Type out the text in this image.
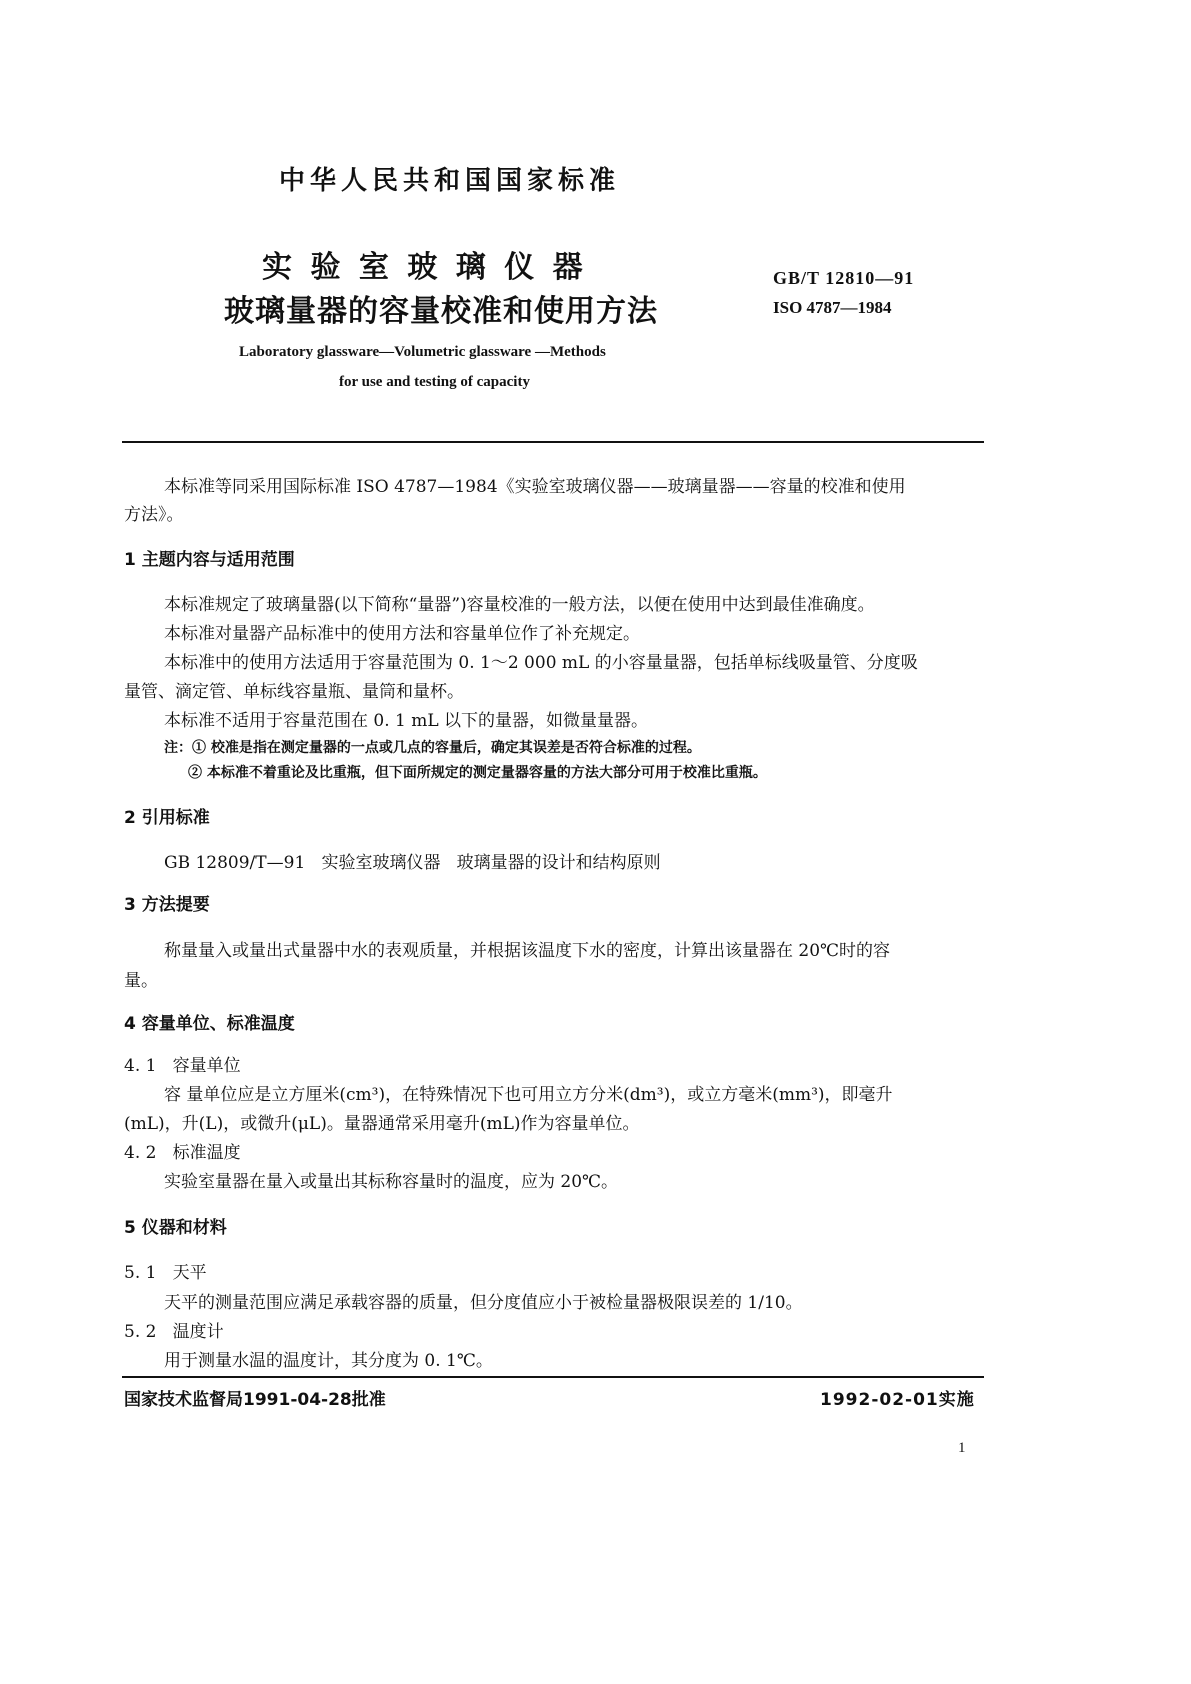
中华人民共和国国家标准
实 验 室 玻 璃 仪 器
玻璃量器的容量校准和使用方法
GB/T 12810—91
ISO 4787—1984
Laboratory glassware—Volumetric glassware —Methods
for use and testing of capacity
本标准等同采用国际标准 ISO 4787—1984《实验室玻璃仪器——玻璃量器——容量的校准和使用
方法》。
1 主题内容与适用范围
本标准规定了玻璃量器(以下简称“量器”)容量校准的一般方法，以便在使用中达到最佳准确度。
本标准对量器产品标准中的使用方法和容量单位作了补充规定。
本标准中的使用方法适用于容量范围为 0. 1～2 000 mL 的小容量量器，包括单标线吸量管、分度吸
量管、滴定管、单标线容量瓶、量筒和量杯。
本标准不适用于容量范围在 0. 1 mL 以下的量器，如微量量器。
注：① 校准是指在测定量器的一点或几点的容量后，确定其误差是否符合标准的过程。
② 本标准不着重论及比重瓶，但下面所规定的测定量器容量的方法大部分可用于校准比重瓶。
2 引用标准
GB 12809/T—91   实验室玻璃仪器   玻璃量器的设计和结构原则
3 方法提要
称量量入或量出式量器中水的表观质量，并根据该温度下水的密度，计算出该量器在 20℃时的容
量。
4 容量单位、标准温度
4. 1   容量单位
容 量单位应是立方厘米(cm³)，在特殊情况下也可用立方分米(dm³)，或立方毫米(mm³)，即毫升
(mL)，升(L)，或微升(μL)。量器通常采用毫升(mL)作为容量单位。
4. 2   标准温度
实验室量器在量入或量出其标称容量时的温度，应为 20℃。
5 仪器和材料
5. 1   天平
天平的测量范围应满足承载容器的质量，但分度值应小于被检量器极限误差的 1/10。
5. 2   温度计
用于测量水温的温度计，其分度为 0. 1℃。
国家技术监督局1991-04-28批准	1992-02-01实施
1
